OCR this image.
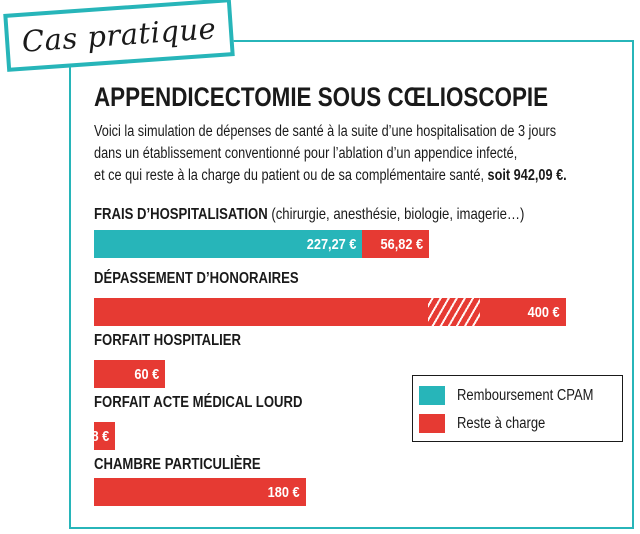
Cas pratique
APPENDICECTOMIE SOUS CŒLIOSCOPIE
Voici la simulation de dépenses de santé à la suite d’une hospitalisation de 3 jours
dans un établissement conventionné pour l’ablation d’un appendice infecté,
et ce qui reste à la charge du patient ou de sa complémentaire santé, soit 942,09 €.
FRAIS D’HOSPITALISATION (chirurgie, anesthésie, biologie, imagerie…)
DÉPASSEMENT D’HONORAIRES
FORFAIT HOSPITALIER
FORFAIT ACTE MÉDICAL LOURD
CHAMBRE PARTICULIÈRE
227,27 € 56,82 €
400 €
60 €
18 €
180 €
Remboursement CPAM
Reste à charge
